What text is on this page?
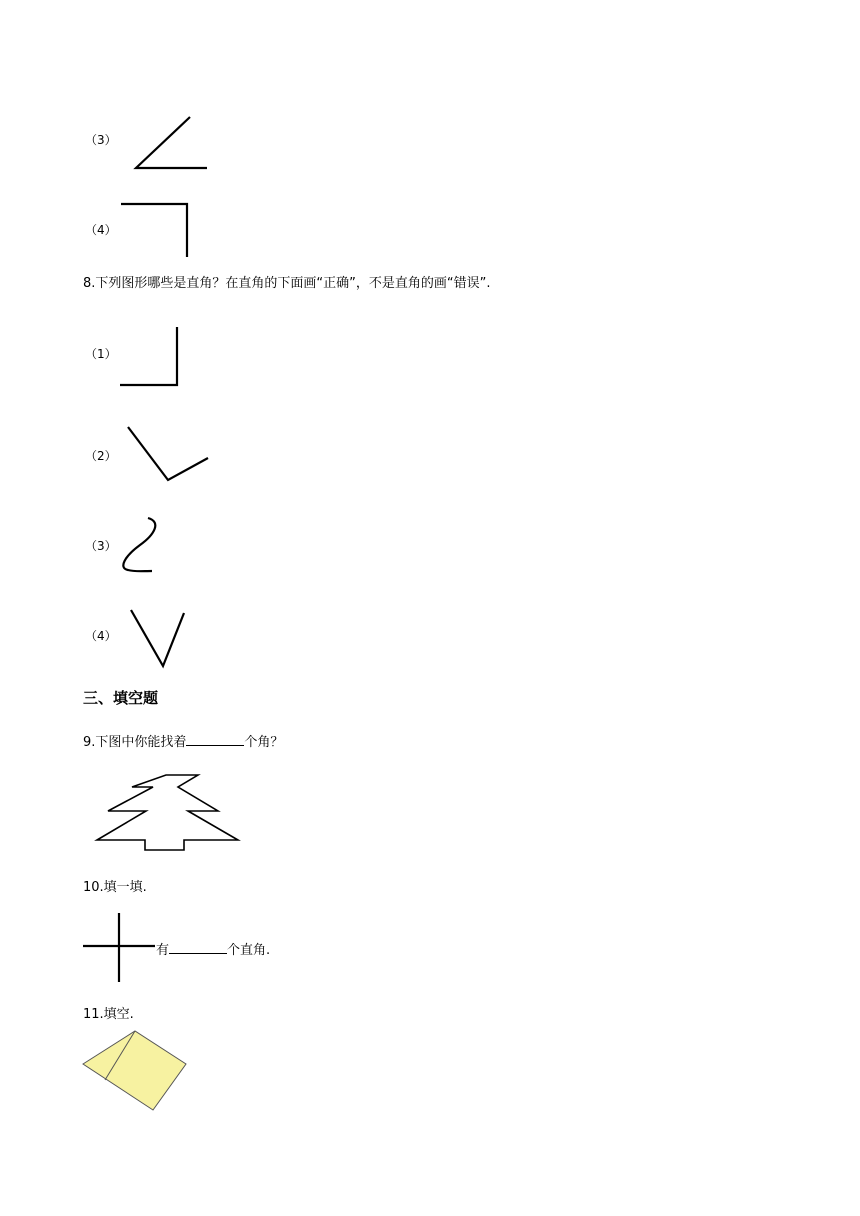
（3）
（4）
8.下列图形哪些是直角？在直角的下面画“正确”，不是直角的画“错误”.
（1）
（2）
（3）
（4）
三、填空题
9.下图中你能找着	个角？
10.填一填.
有	个直角.
11.填空.
